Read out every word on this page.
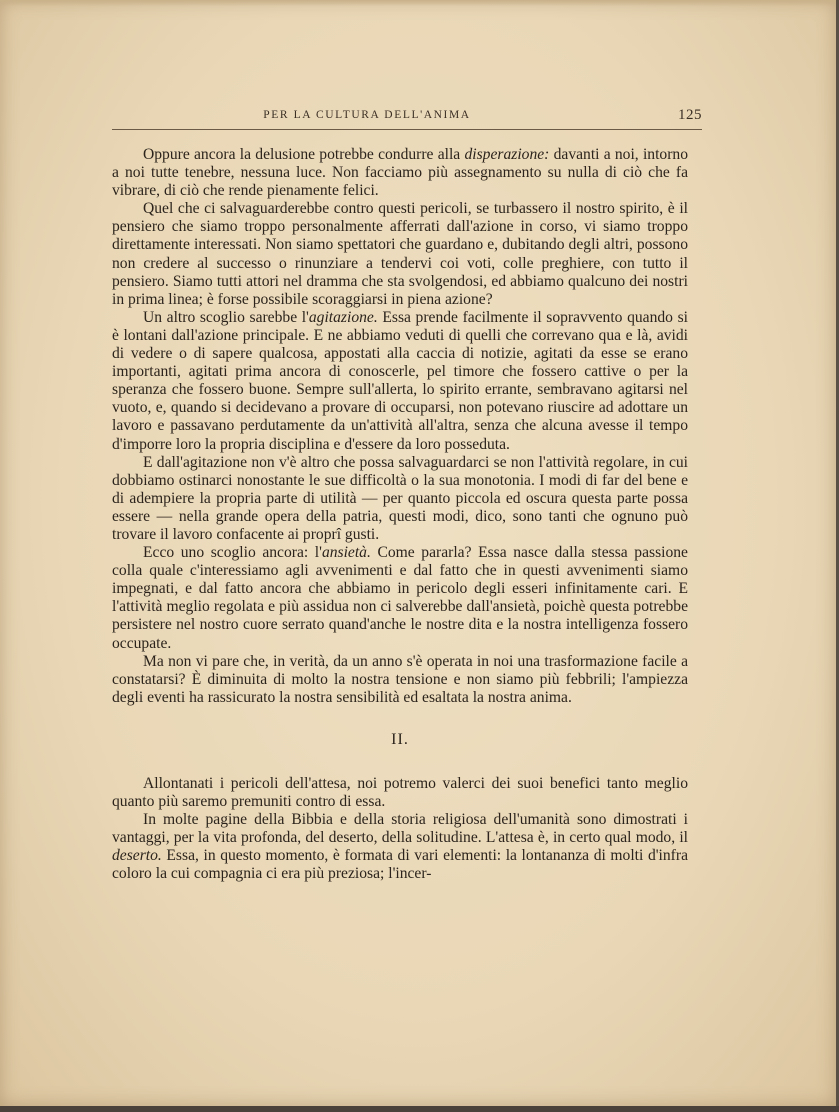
PER LA CULTURA DELL'ANIMA	125

Oppure ancora la delusione potrebbe condurre alla disperazione: davanti a noi, intorno a noi tutte tenebre, nessuna luce. Non facciamo più assegnamento su nulla di ciò che fa vibrare, di ciò che rende pienamente felici.

Quel che ci salvaguarderebbe contro questi pericoli, se turbassero il nostro spirito, è il pensiero che siamo troppo personalmente afferrati dall'azione in corso, vi siamo troppo direttamente interessati. Non siamo spettatori che guardano e, dubitando degli altri, possono non credere al successo o rinunziare a tendervi coi voti, colle preghiere, con tutto il pensiero. Siamo tutti attori nel dramma che sta svolgendosi, ed abbiamo qualcuno dei nostri in prima linea; è forse possibile scoraggiarsi in piena azione?

Un altro scoglio sarebbe l'agitazione. Essa prende facilmente il sopravvento quando si è lontani dall'azione principale. E ne abbiamo veduti di quelli che correvano qua e là, avidi di vedere o di sapere qualcosa, appostati alla caccia di notizie, agitati da esse se erano importanti, agitati prima ancora di conoscerle, pel timore che fossero cattive o per la speranza che fossero buone. Sempre sull'allerta, lo spirito errante, sembravano agitarsi nel vuoto, e, quando si decidevano a provare di occuparsi, non potevano riuscire ad adottare un lavoro e passavano perdutamente da un'attività all'altra, senza che alcuna avesse il tempo d'imporre loro la propria disciplina e d'essere da loro posseduta.

E dall'agitazione non v'è altro che possa salvaguardarci se non l'attività regolare, in cui dobbiamo ostinarci nonostante le sue difficoltà o la sua monotonia. I modi di far del bene e di adempiere la propria parte di utilità — per quanto piccola ed oscura questa parte possa essere — nella grande opera della patria, questi modi, dico, sono tanti che ognuno può trovare il lavoro confacente ai proprî gusti.

Ecco uno scoglio ancora: l'ansietà. Come pararla? Essa nasce dalla stessa passione colla quale c'interessiamo agli avvenimenti e dal fatto che in questi avvenimenti siamo impegnati, e dal fatto ancora che abbiamo in pericolo degli esseri infinitamente cari. E l'attività meglio regolata e più assidua non ci salverebbe dall'ansietà, poichè questa potrebbe persistere nel nostro cuore serrato quand'anche le nostre dita e la nostra intelligenza fossero occupate.

Ma non vi pare che, in verità, da un anno s'è operata in noi una trasformazione facile a constatarsi? È diminuita di molto la nostra tensione e non siamo più febbrili; l'ampiezza degli eventi ha rassicurato la nostra sensibilità ed esaltata la nostra anima.

II.

Allontanati i pericoli dell'attesa, noi potremo valerci dei suoi benefici tanto meglio quanto più saremo premuniti contro di essa.

In molte pagine della Bibbia e della storia religiosa dell'umanità sono dimostrati i vantaggi, per la vita profonda, del deserto, della solitudine. L'attesa è, in certo qual modo, il deserto. Essa, in questo momento, è formata di vari elementi: la lontananza di molti d'infra coloro la cui compagnia ci era più preziosa; l'incer-
